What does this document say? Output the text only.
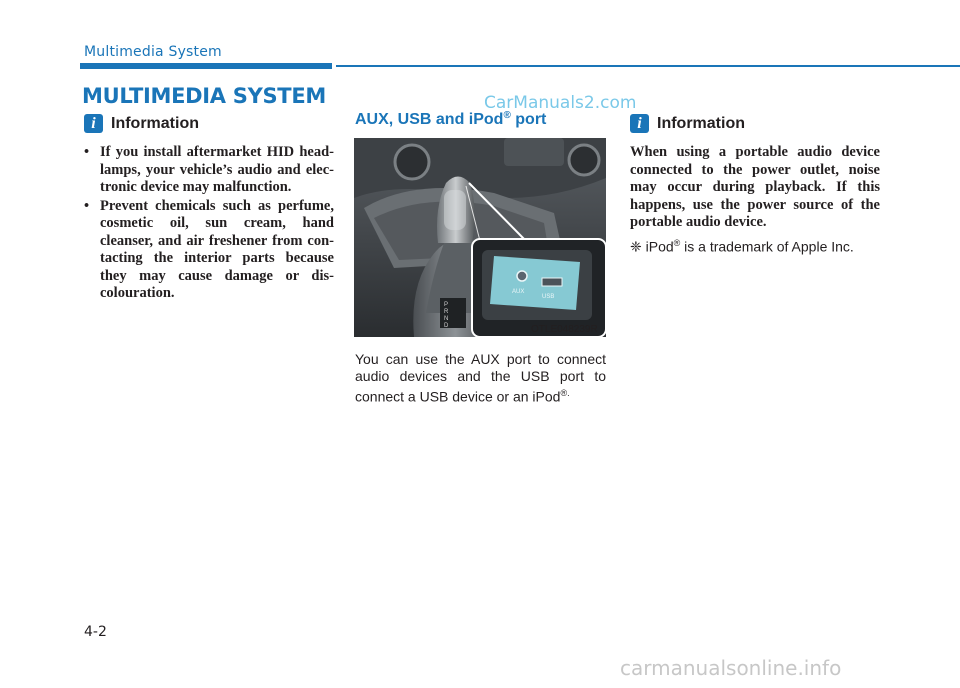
Multimedia System
MULTIMEDIA SYSTEM	CarManuals2.com
i Information
• If you install aftermarket HID head-lamps, your vehicle’s audio and elec-tronic device may malfunction.
• Prevent chemicals such as perfume, cosmetic oil, sun cream, hand cleanser, and air freshener from con-tacting the interior parts because they may cause damage or dis-colouration.
AUX, USB and iPod® port
P
R
N
D
AUX
USB
OTLE048239R

You can use the AUX port to connect audio devices and the USB port to connect a USB device or an iPod®.

i Information

When using a portable audio device connected to the power outlet, noise may occur during playback. If this happens, use the power source of the portable audio device.

❈ iPod® is a trademark of Apple Inc.

4-2
carmanualsonline.info
